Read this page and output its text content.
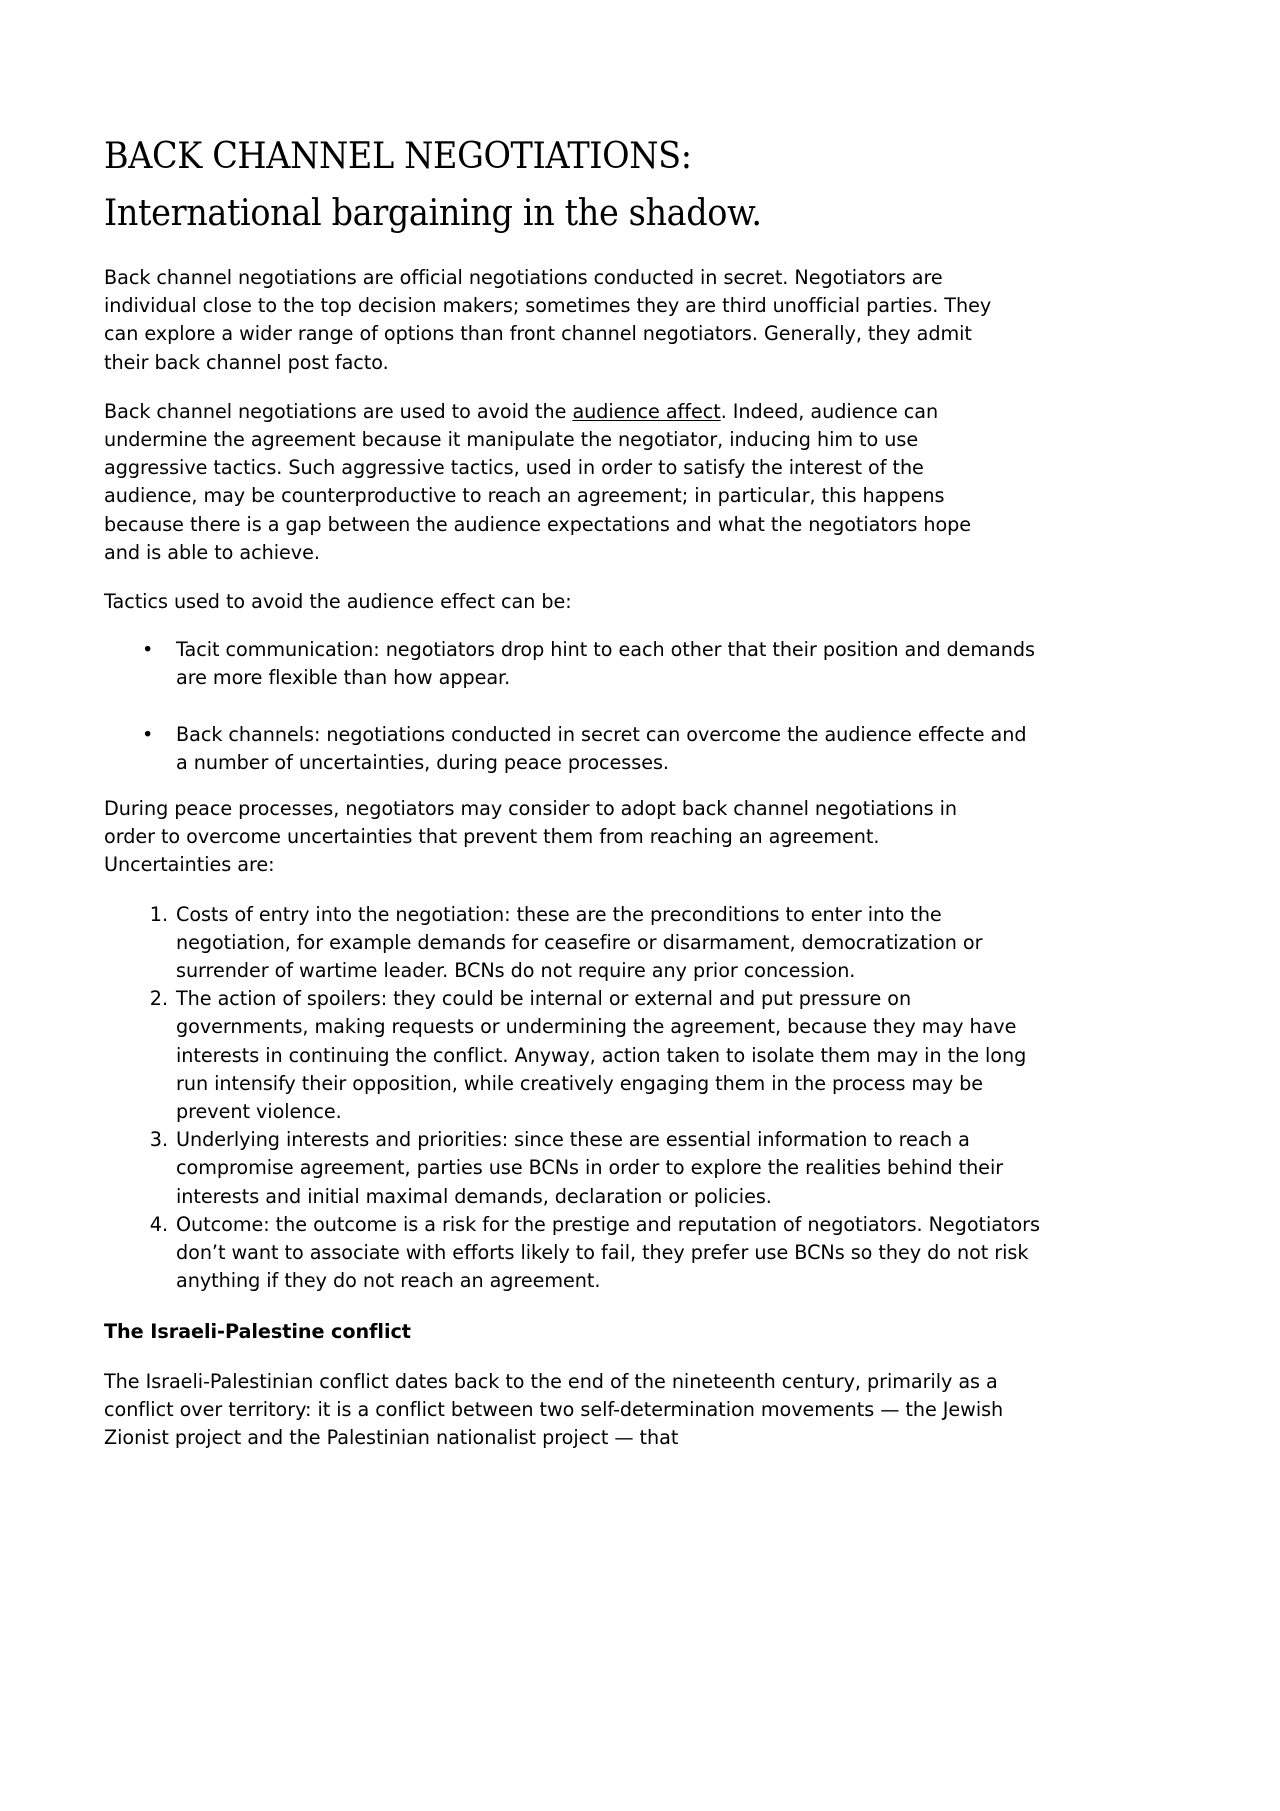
BACK CHANNEL NEGOTIATIONS: International bargaining in the shadow.

Back channel negotiations are official negotiations conducted in secret. Negotiators are individual close to the top decision makers; sometimes they are third unofficial parties. They can explore a wider range of options than front channel negotiators. Generally, they admit their back channel post facto.

Back channel negotiations are used to avoid the audience affect. Indeed, audience can undermine the agreement because it manipulate the negotiator, inducing him to use aggressive tactics. Such aggressive tactics, used in order to satisfy the interest of the audience, may be counterproductive to reach an agreement; in particular, this happens because there is a gap between the audience expectations and what the negotiators hope and is able to achieve.

Tactics used to avoid the audience effect can be:

• Tacit communication: negotiators drop hint to each other that their position and demands are more flexible than how appear.
• Back channels: negotiations conducted in secret can overcome the audience effecte and a number of uncertainties, during peace processes.

During peace processes, negotiators may consider to adopt back channel negotiations in order to overcome uncertainties that prevent them from reaching an agreement. Uncertainties are:

1. Costs of entry into the negotiation: these are the preconditions to enter into the negotiation, for example demands for ceasefire or disarmament, democratization or surrender of wartime leader. BCNs do not require any prior concession.
2. The action of spoilers: they could be internal or external and put pressure on governments, making requests or undermining the agreement, because they may have interests in continuing the conflict. Anyway, action taken to isolate them may in the long run intensify their opposition, while creatively engaging them in the process may be prevent violence.
3. Underlying interests and priorities: since these are essential information to reach a compromise agreement, parties use BCNs in order to explore the realities behind their interests and initial maximal demands, declaration or policies.
4. Outcome: the outcome is a risk for the prestige and reputation of negotiators. Negotiators don’t want to associate with efforts likely to fail, they prefer use BCNs so they do not risk anything if they do not reach an agreement.
The Israeli-Palestine conflict

The Israeli-Palestinian conflict dates back to the end of the nineteenth century, primarily as a conflict over territory: it is a conflict between two self-determination movements — the Jewish Zionist project and the Palestinian nationalist project — that
